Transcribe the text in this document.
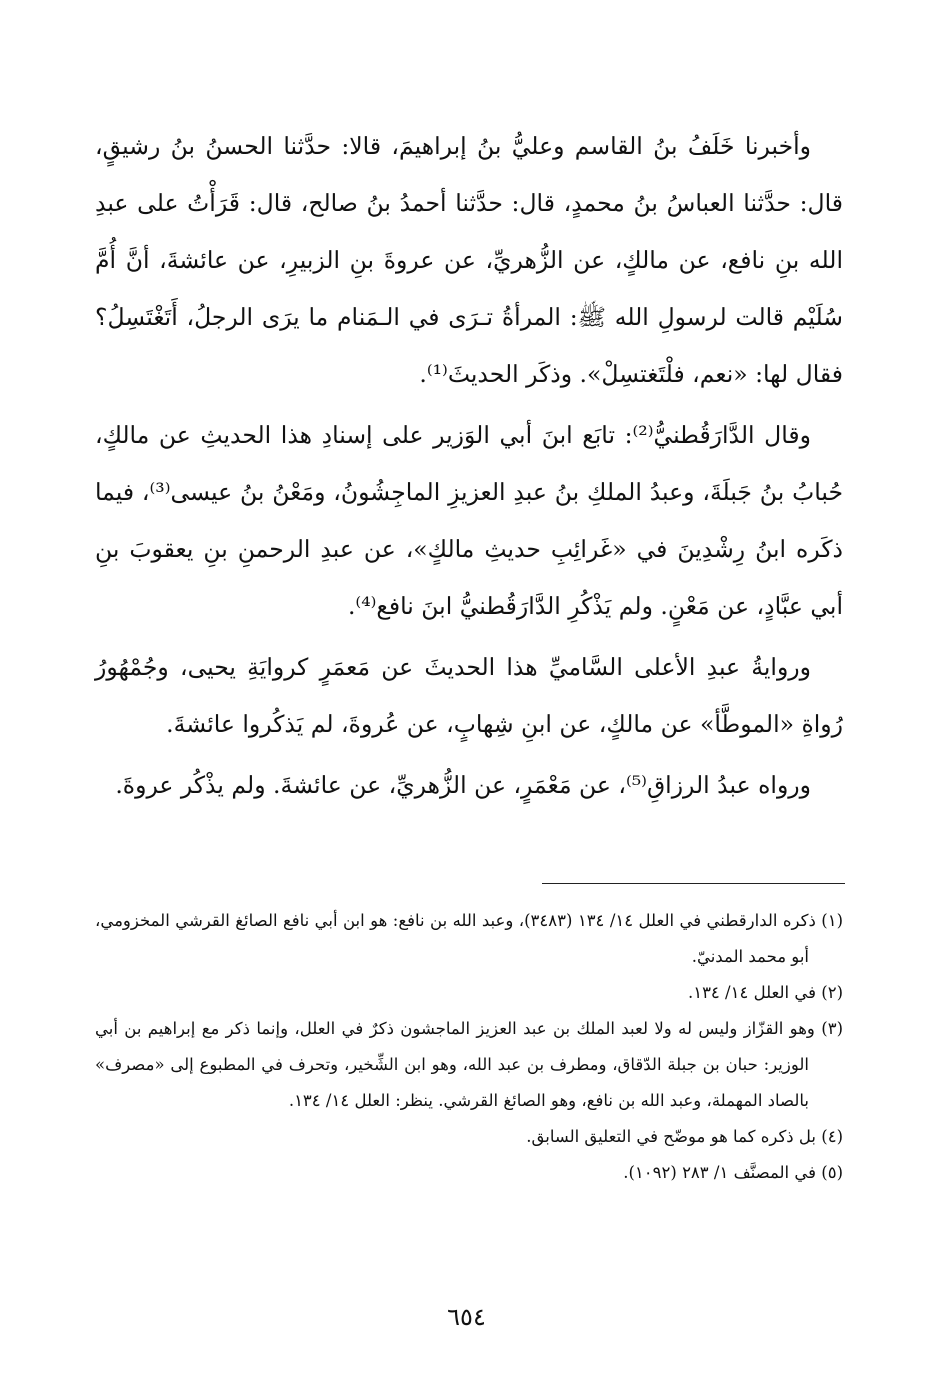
وأخبرنا خَلَفُ بنُ القاسم وعليُّ بنُ إبراهيمَ، قالا: حدَّثنا الحسنُ بنُ رشيقٍ، قال: حدَّثنا العباسُ بنُ محمدٍ، قال: حدَّثنا أحمدُ بنُ صالح، قال: قَرَأْتُ على عبدِ الله بنِ نافع، عن مالكٍ، عن الزُّهريِّ، عن عروةَ بنِ الزبيرِ، عن عائشةَ، أنَّ أُمَّ سُلَيْم قالت لرسولِ الله ﷺ: المرأةُ تـرَى في الـمَنام ما يرَى الرجلُ، أَتَغْتَسِلُ؟ فقال لها: «نعم، فلْتَغتسِلْ». وذكَر الحديثَ⁽¹⁾.

وقال الدَّارَقُطنيُّ⁽²⁾: تابَع ابنَ أبي الوَزير على إسنادِ هذا الحديثِ عن مالكٍ، حُبابُ بنُ جَبلَةَ، وعبدُ الملكِ بنُ عبدِ العزيزِ الماجِشُونُ، ومَعْنُ بنُ عيسى⁽³⁾، فيما ذكَره ابنُ رِشْدِينَ في «غَرائِبِ حديثِ مالكٍ»، عن عبدِ الرحمنِ بنِ يعقوبَ بنِ أبي عبَّادٍ، عن مَعْنٍ. ولم يَذْكُرِ الدَّارَقُطنيُّ ابنَ نافع⁽⁴⁾.

وروايةُ عبدِ الأعلى السَّاميِّ هذا الحديثَ عن مَعمَرٍ كروايَةِ يحيى، وجُمْهُورُ رُواةِ «الموطَّأ» عن مالكٍ، عن ابنِ شِهابٍ، عن عُروةَ، لم يَذكُروا عائشةَ.

ورواه عبدُ الرزاقِ⁽⁵⁾، عن مَعْمَرٍ، عن الزُّهريِّ، عن عائشةَ. ولم يذْكُر عروةَ.

(١) ذكره الدارقطني في العلل ١٤/ ١٣٤ (٣٤٨٣)، وعبد الله بن نافع: هو ابن أبي نافع الصائغ القرشي المخزومي، أبو محمد المدنيّ.

(٢) في العلل ١٤/ ١٣٤.

(٣) وهو القزّاز وليس له ولا لعبد الملك بن عبد العزيز الماجشون ذكرٌ في العلل، وإنما ذكر مع إبراهيم بن أبي الوزير: حبان بن جبلة الدّقاق، ومطرف بن عبد الله، وهو ابن الشِّخير، وتحرف في المطبوع إلى «مصرف» بالصاد المهملة، وعبد الله بن نافع، وهو الصائغ القرشي. ينظر: العلل ١٤/ ١٣٤.

(٤) بل ذكره كما هو موضّح في التعليق السابق.

(٥) في المصنَّف ١/ ٢٨٣ (١٠٩٢).

٦٥٤
